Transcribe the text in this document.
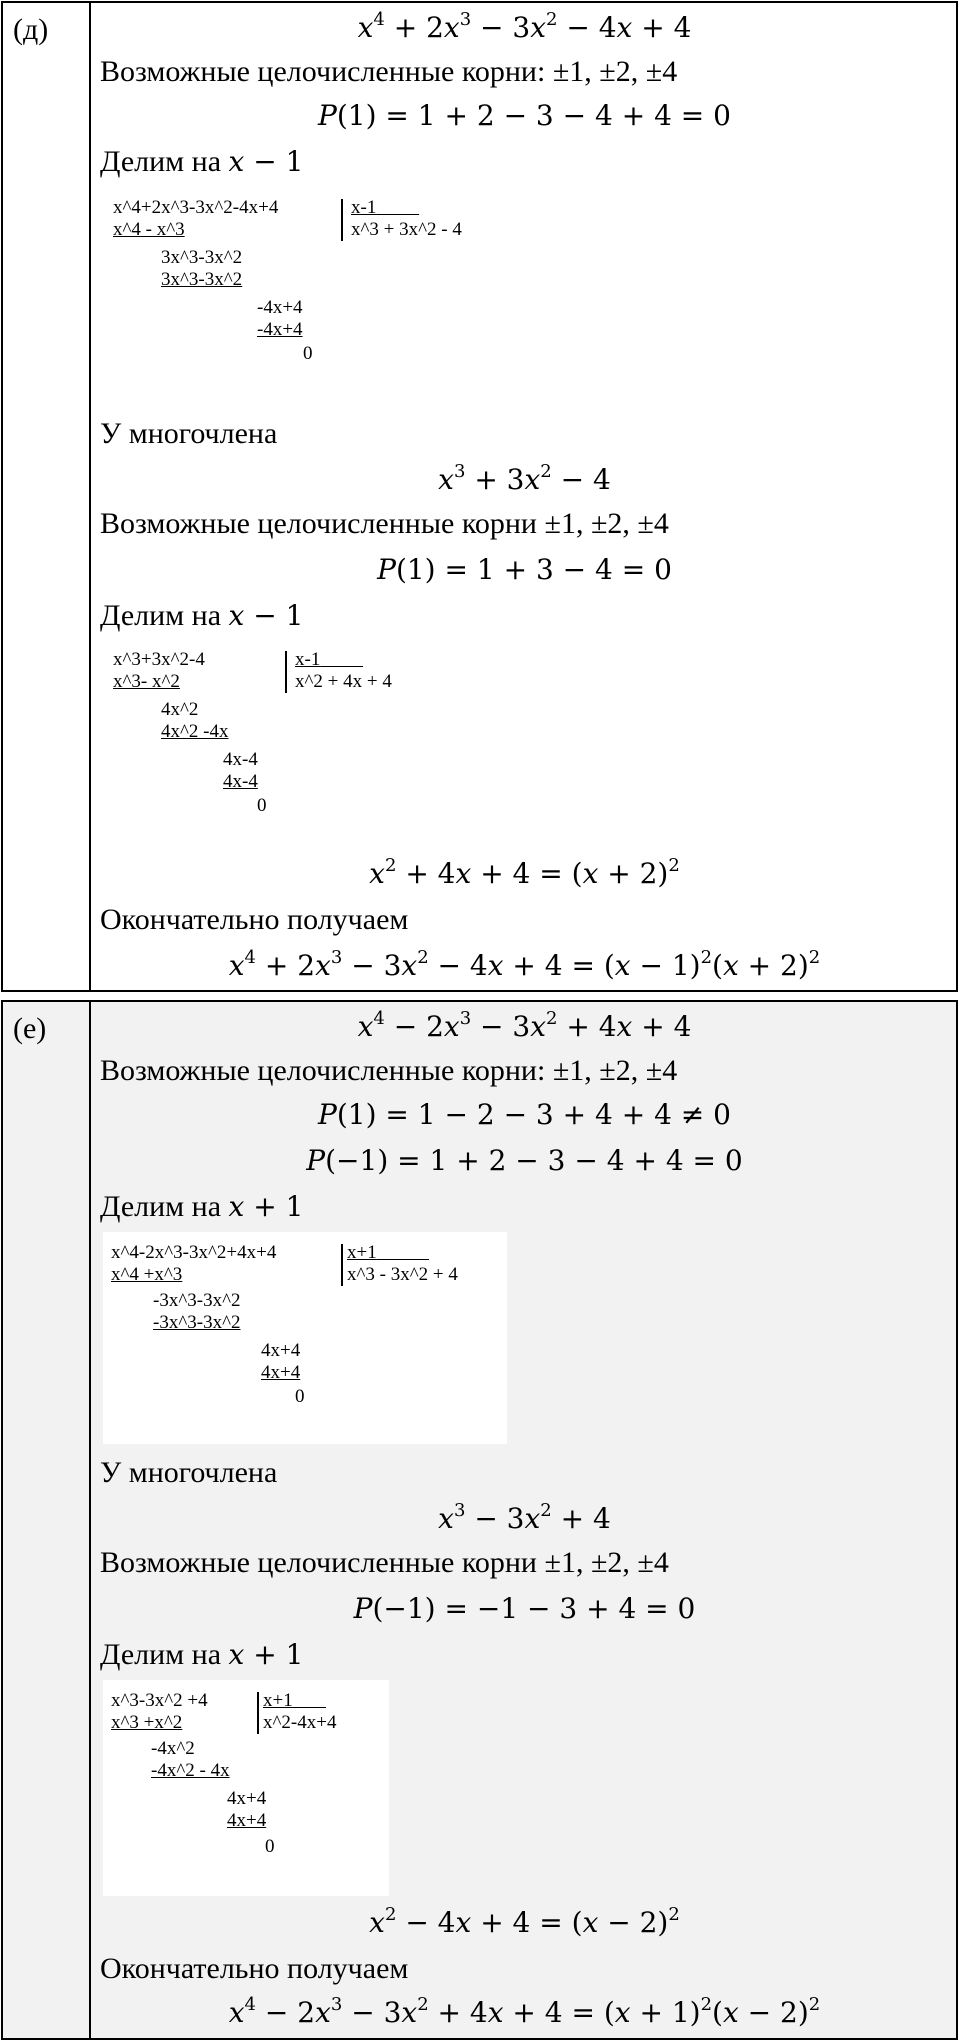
(д)	$x^4 + 2x^3 - 3x^2 - 4x + 4$
Возможные целочисленные корни: ±1, ±2, ±4
P(1) = 1 + 2 − 3 − 4 + 4 = 0
Делим на x − 1
x^4+2x^3-3x^2-4x+4	x-1
x^3 + 3x^2 - 4
x^4 - x^3
3x^3-3x^2
3x^3-3x^2
-4x+4
-4x+4
0
У многочлена
$x^3 + 3x^2 - 4$
Возможные целочисленные корни ±1, ±2, ±4
P(1) = 1 + 3 − 4 = 0
Делим на x − 1
x^3+3x^2-4	x-1
x^2 + 4x + 4
x^3- x^2
4x^2
4x^2 -4x
4x-4
4x-4
0
$x^2 + 4x + 4 = (x + 2)^2$
Окончательно получаем
$x^4 + 2x^3 - 3x^2 - 4x + 4 = (x - 1)^2(x + 2)^2$
(е)	$x^4 - 2x^3 - 3x^2 + 4x + 4$
Возможные целочисленные корни: ±1, ±2, ±4
P(1) = 1 − 2 − 3 + 4 + 4 ≠ 0
P(−1) = 1 + 2 − 3 − 4 + 4 = 0
Делим на x + 1
x^4-2x^3-3x^2+4x+4	x+1
x^3 - 3x^2 + 4
x^4 +x^3
-3x^3-3x^2
-3x^3-3x^2
4x+4
4x+4
0
У многочлена
$x^3 - 3x^2 + 4$
Возможные целочисленные корни ±1, ±2, ±4
P(−1) = −1 − 3 + 4 = 0
Делим на x + 1
x^3-3x^2 +4	x+1
x^2-4x+4
x^3 +x^2
-4x^2
-4x^2 - 4x
4x+4
4x+4
0
$x^2 - 4x + 4 = (x - 2)^2$
Окончательно получаем
$x^4 - 2x^3 - 3x^2 + 4x + 4 = (x + 1)^2(x - 2)^2$
